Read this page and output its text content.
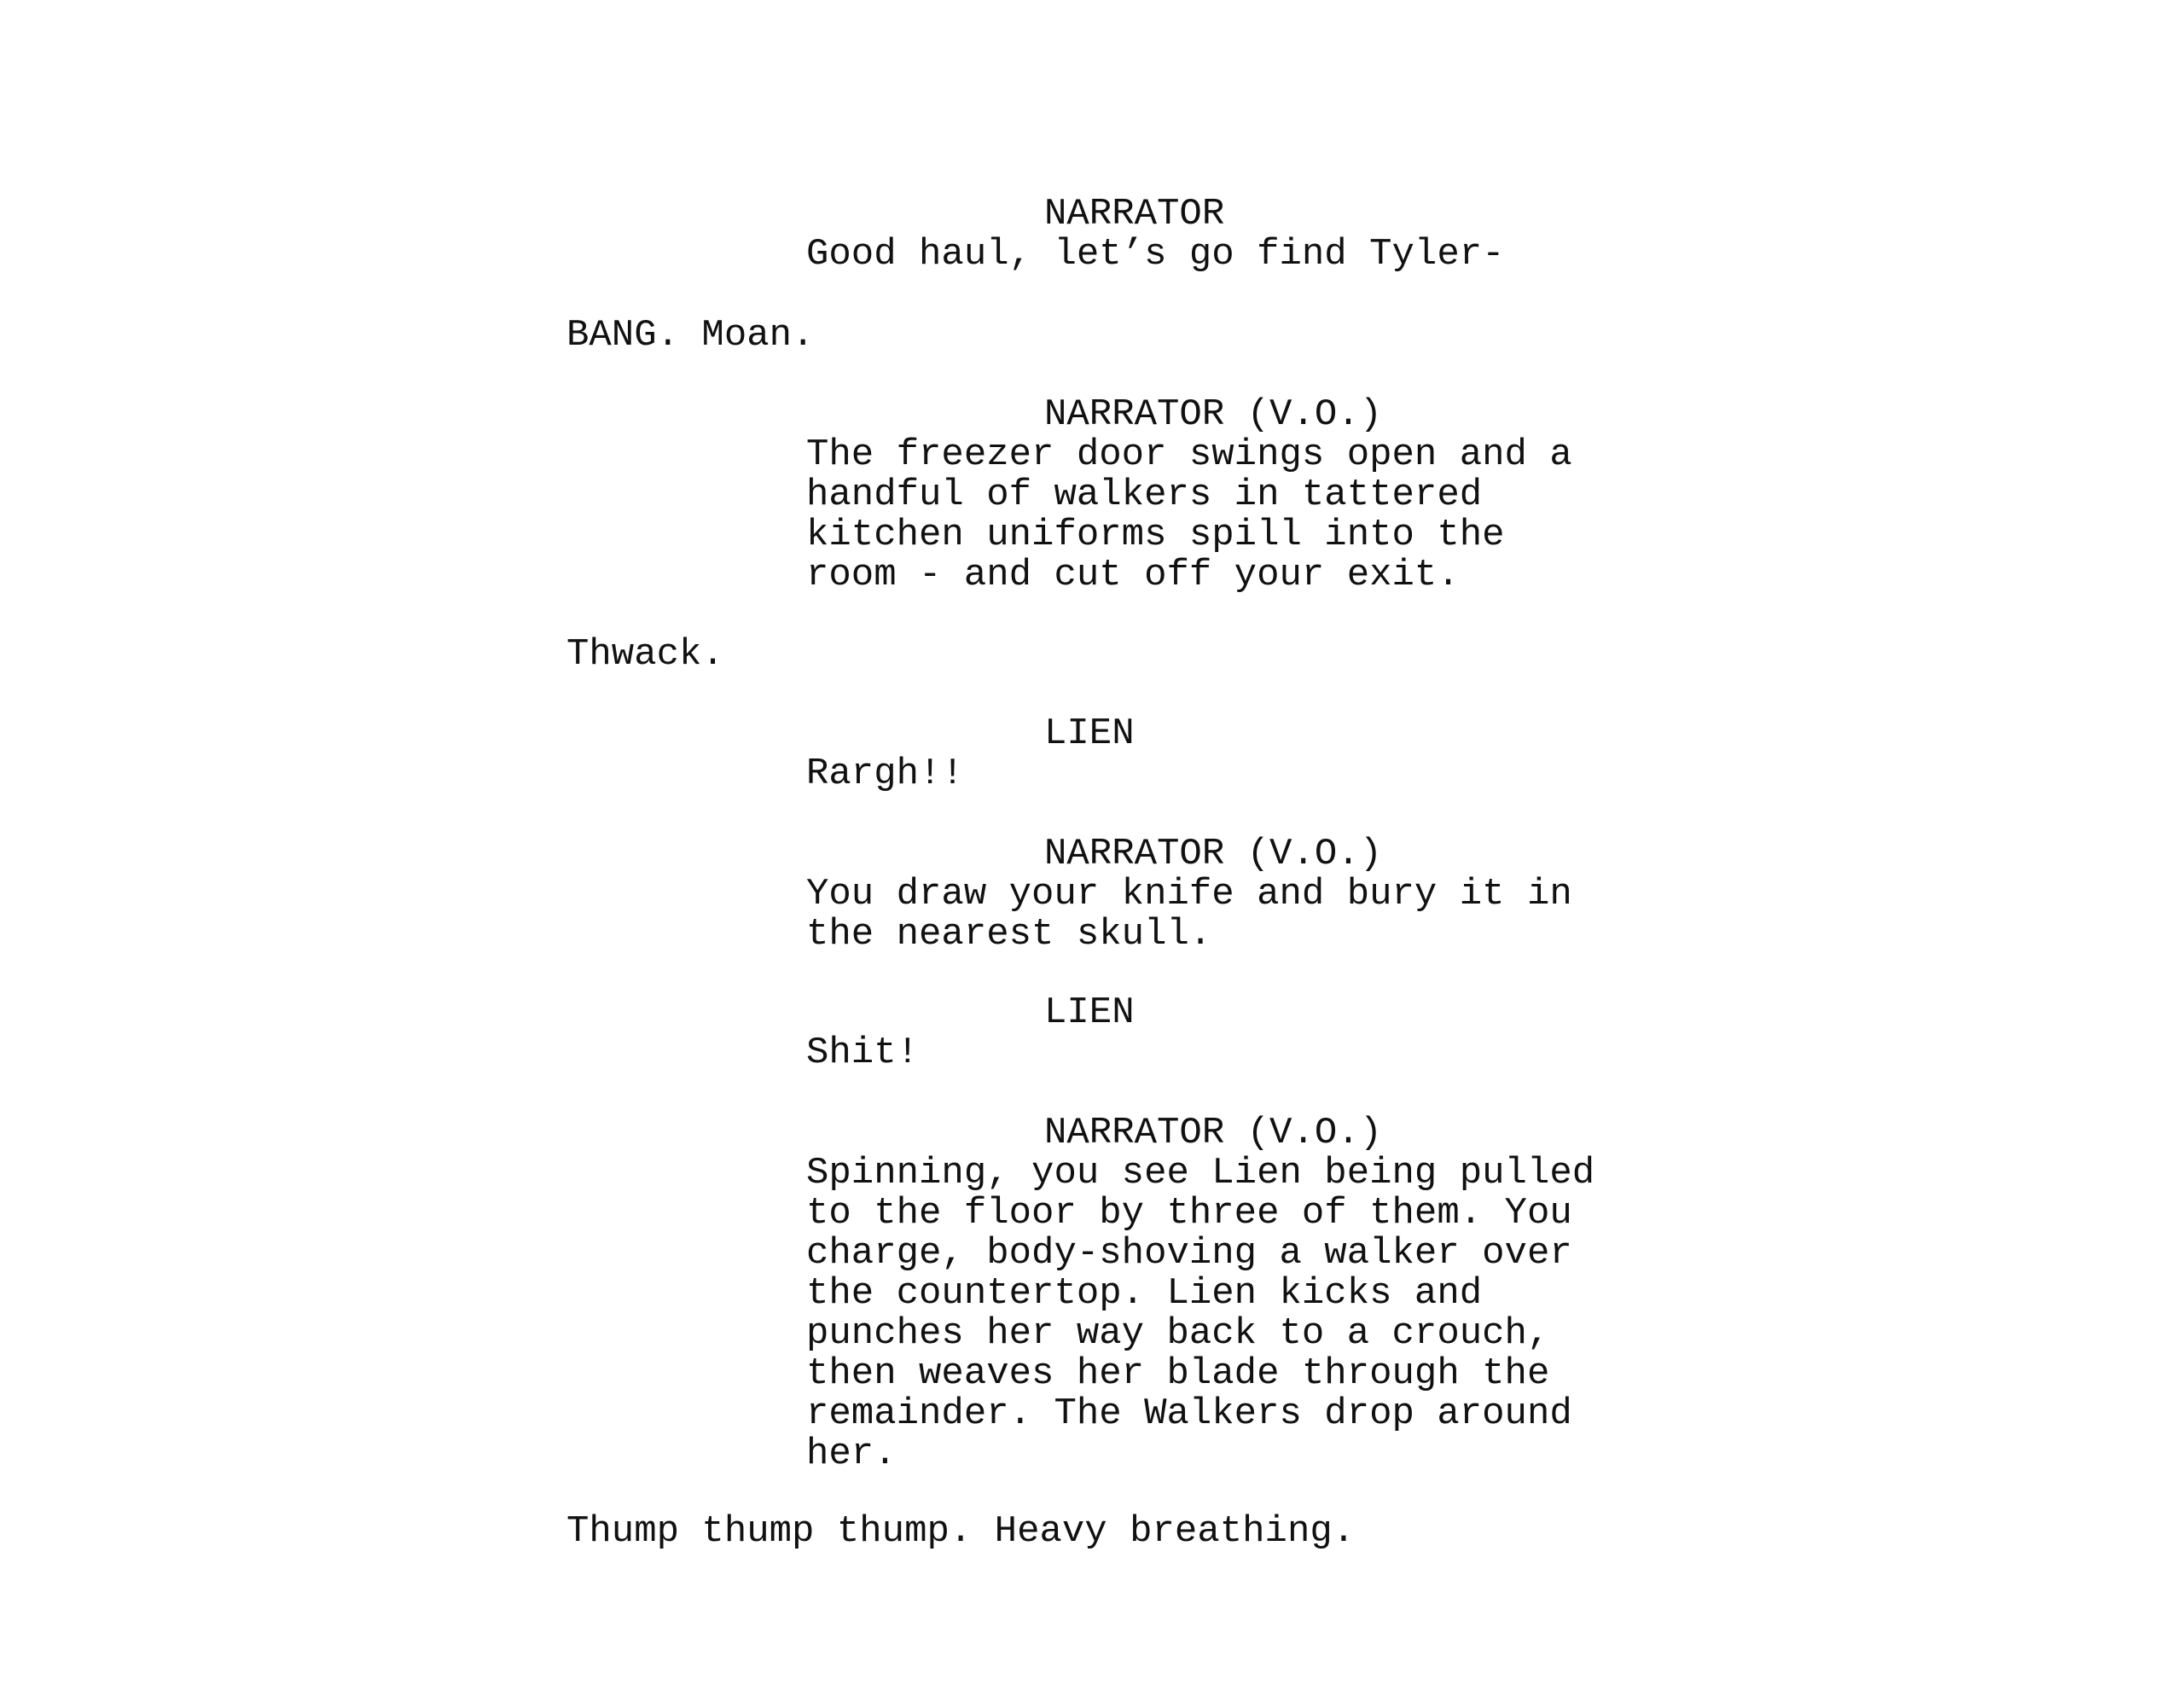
NARRATOR
Good haul, let’s go find Tyler-
BANG. Moan.
NARRATOR (V.O.)
The freezer door swings open and a
handful of walkers in tattered
kitchen uniforms spill into the
room - and cut off your exit.
Thwack.
LIEN
Rargh!!
NARRATOR (V.O.)
You draw your knife and bury it in
the nearest skull.
LIEN
Shit!
NARRATOR (V.O.)
Spinning, you see Lien being pulled
to the floor by three of them. You
charge, body-shoving a walker over
the countertop. Lien kicks and
punches her way back to a crouch,
then weaves her blade through the
remainder. The Walkers drop around
her.
Thump thump thump. Heavy breathing.
